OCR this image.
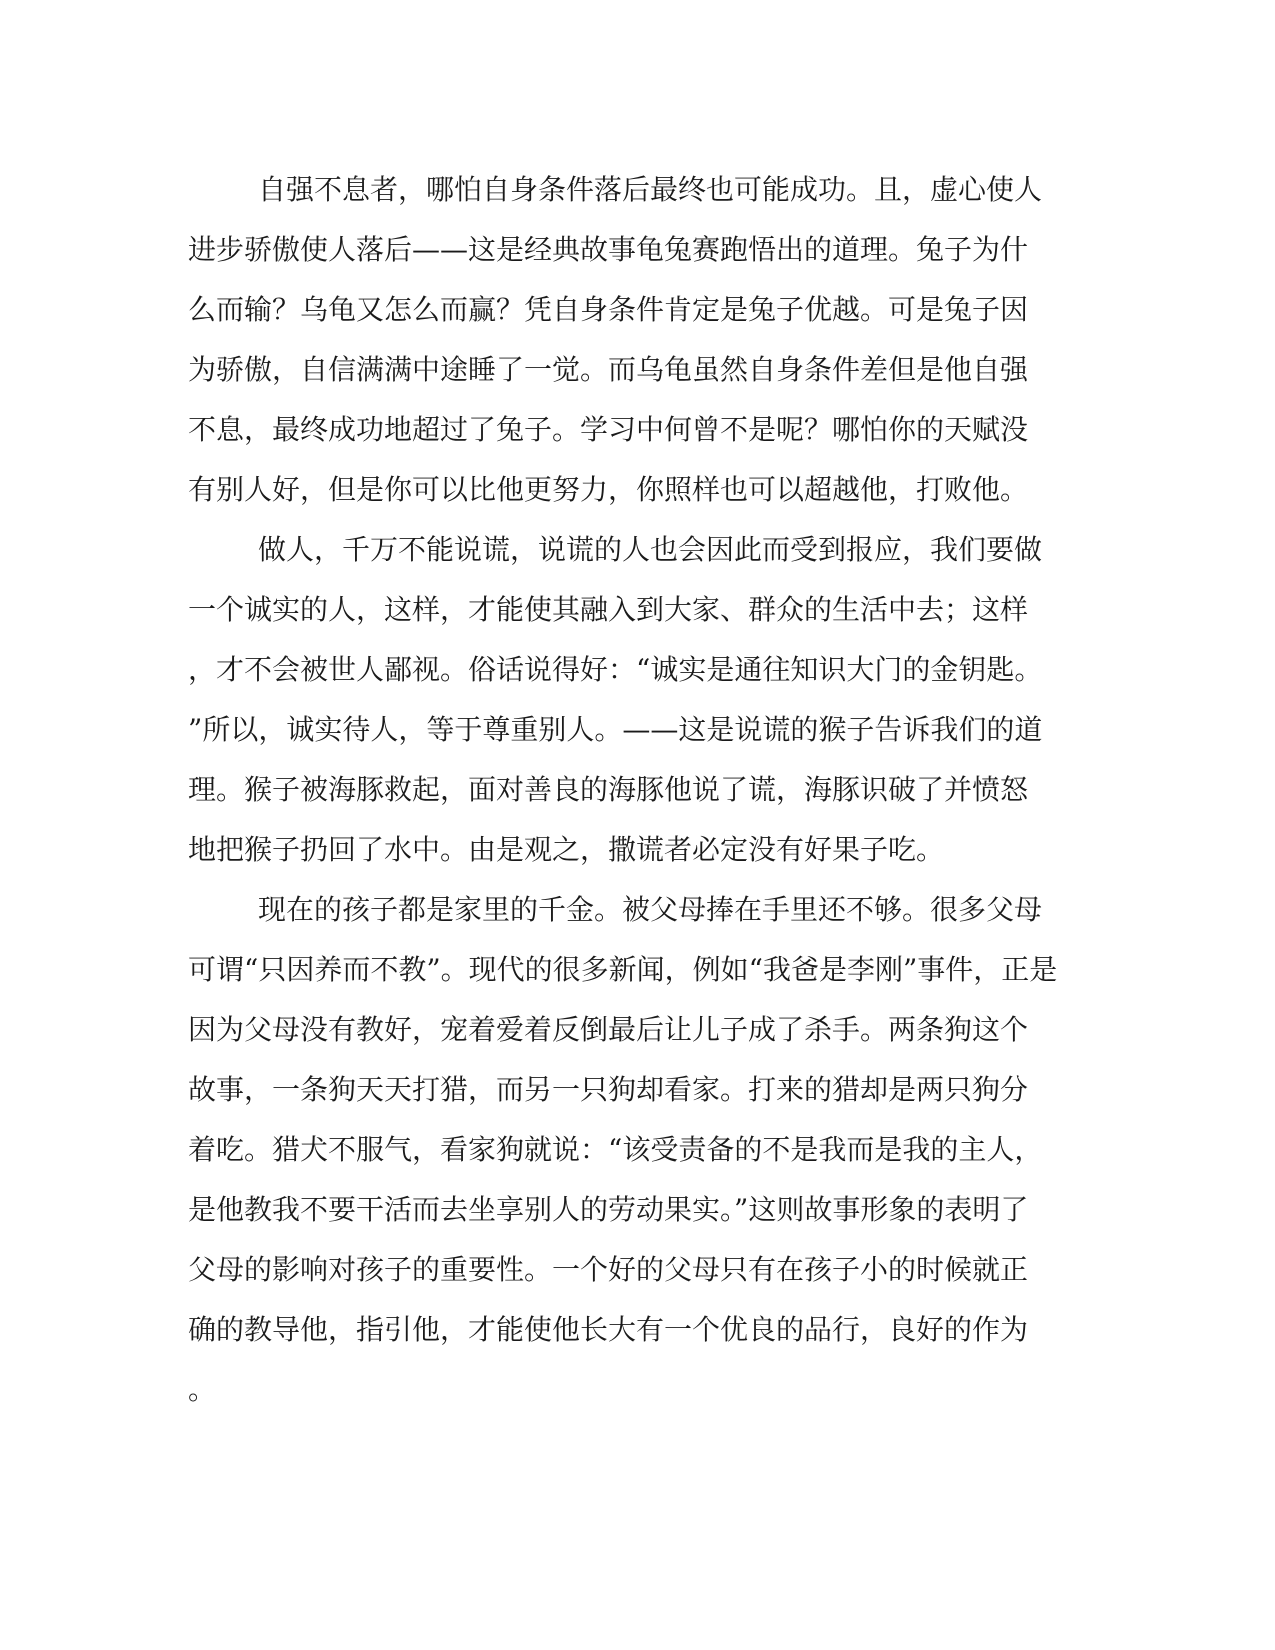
自强不息者，哪怕自身条件落后最终也可能成功。且，虚心使人
进步骄傲使人落后——这是经典故事龟兔赛跑悟出的道理。兔子为什
么而输？乌龟又怎么而赢？凭自身条件肯定是兔子优越。可是兔子因
为骄傲，自信满满中途睡了一觉。而乌龟虽然自身条件差但是他自强
不息，最终成功地超过了兔子。学习中何曾不是呢？哪怕你的天赋没
有别人好，但是你可以比他更努力，你照样也可以超越他，打败他。
做人，千万不能说谎，说谎的人也会因此而受到报应，我们要做
一个诚实的人，这样，才能使其融入到大家、群众的生活中去；这样
，才不会被世人鄙视。俗话说得好：“诚实是通往知识大门的金钥匙。
”所以，诚实待人，等于尊重别人。——这是说谎的猴子告诉我们的道
理。猴子被海豚救起，面对善良的海豚他说了谎，海豚识破了并愤怒
地把猴子扔回了水中。由是观之，撒谎者必定没有好果子吃。
现在的孩子都是家里的千金。被父母捧在手里还不够。很多父母
可谓“只因养而不教”。现代的很多新闻，例如“我爸是李刚”事件，正是
因为父母没有教好，宠着爱着反倒最后让儿子成了杀手。两条狗这个
故事，一条狗天天打猎，而另一只狗却看家。打来的猎却是两只狗分
着吃。猎犬不服气，看家狗就说：“该受责备的不是我而是我的主人，
是他教我不要干活而去坐享别人的劳动果实。”这则故事形象的表明了
父母的影响对孩子的重要性。一个好的父母只有在孩子小的时候就正
确的教导他，指引他，才能使他长大有一个优良的品行，良好的作为
。
